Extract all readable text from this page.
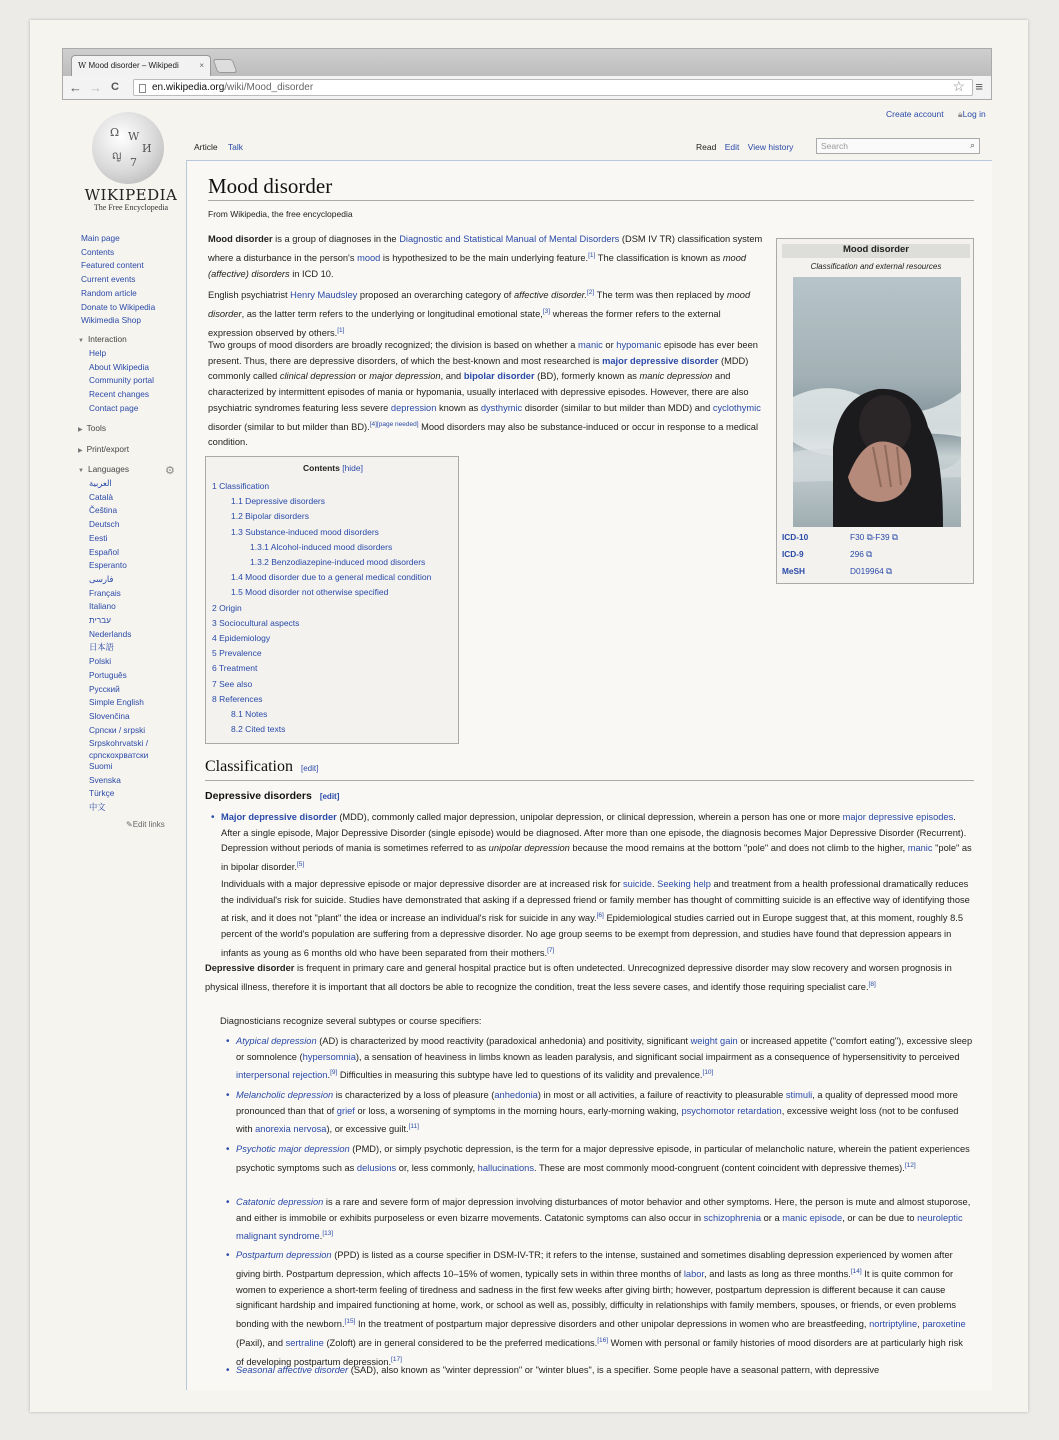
W Mood disorder – Wikipedi	×
← → C	en.wikipedia.org/wiki/Mood_disorder	☆ ≡
Ω W
И
ญ
7
WIKIPEDIA
The Free Encyclopedia
Main page
Contents
Featured content
Current events
Random article
Donate to Wikipedia
Wikimedia Shop
▼ Interaction
Help
About Wikipedia
Community portal
Recent changes
Contact page
▶ Tools
▶ Print/export
▼ Languages	⚙
العربية
Català
Čeština
Deutsch
Eesti
Español
Esperanto
فارسی
Français
Italiano
עברית
Nederlands
日本語
Polski
Português
Русский
Simple English
Slovenčina
Српски / srpski
Srpskohrvatski /
српскохрватски
Suomi
Svenska
Türkçe
中文
✎Edit links
Create account 🔒︎Log in
Article Talk	Read Edit View history	Search	⌕
Mood disorder
From Wikipedia, the free encyclopedia
Mood disorder is a group of diagnoses in the Diagnostic and Statistical Manual of Mental Disorders (DSM IV TR) classification system where a disturbance in the person's mood is hypothesized to be the main underlying feature.[1] The classification is known as mood (affective) disorders in ICD 10.
English psychiatrist Henry Maudsley proposed an overarching category of affective disorder.[2] The term was then replaced by mood disorder, as the latter term refers to the underlying or longitudinal emotional state,[3] whereas the former refers to the external expression observed by others.[1]
Two groups of mood disorders are broadly recognized; the division is based on whether a manic or hypomanic episode has ever been present. Thus, there are depressive disorders, of which the best-known and most researched is major depressive disorder (MDD) commonly called clinical depression or major depression, and bipolar disorder (BD), formerly known as manic depression and characterized by intermittent episodes of mania or hypomania, usually interlaced with depressive episodes. However, there are also psychiatric syndromes featuring less severe depression known as dysthymic disorder (similar to but milder than MDD) and cyclothymic disorder (similar to but milder than BD).[4][page needed] Mood disorders may also be substance-induced or occur in response to a medical condition.
Mood disorder
Classification and external resources
ICD-10	F30 ⧉-F39 ⧉
ICD-9	296 ⧉
MeSH	D019964 ⧉
Contents [hide]
1 Classification
1.1 Depressive disorders
1.2 Bipolar disorders
1.3 Substance-induced mood disorders
1.3.1 Alcohol-induced mood disorders
1.3.2 Benzodiazepine-induced mood disorders
1.4 Mood disorder due to a general medical condition
1.5 Mood disorder not otherwise specified
2 Origin
3 Sociocultural aspects
4 Epidemiology
5 Prevalence
6 Treatment
7 See also
8 References
8.1 Notes
8.2 Cited texts
Classification [edit]
Depressive disorders [edit]
• Major depressive disorder (MDD), commonly called major depression, unipolar depression, or clinical depression, wherein a person has one or more major depressive episodes. After a single episode, Major Depressive Disorder (single episode) would be diagnosed. After more than one episode, the diagnosis becomes Major Depressive Disorder (Recurrent). Depression without periods of mania is sometimes referred to as unipolar depression because the mood remains at the bottom "pole" and does not climb to the higher, manic "pole" as in bipolar disorder.[5]
Individuals with a major depressive episode or major depressive disorder are at increased risk for suicide. Seeking help and treatment from a health professional dramatically reduces the individual's risk for suicide. Studies have demonstrated that asking if a depressed friend or family member has thought of committing suicide is an effective way of identifying those at risk, and it does not "plant" the idea or increase an individual's risk for suicide in any way.[6] Epidemiological studies carried out in Europe suggest that, at this moment, roughly 8.5 percent of the world's population are suffering from a depressive disorder. No age group seems to be exempt from depression, and studies have found that depression appears in infants as young as 6 months old who have been separated from their mothers.[7]
Depressive disorder is frequent in primary care and general hospital practice but is often undetected. Unrecognized depressive disorder may slow recovery and worsen prognosis in physical illness, therefore it is important that all doctors be able to recognize the condition, treat the less severe cases, and identify those requiring specialist care.[8]
Diagnosticians recognize several subtypes or course specifiers:
• Atypical depression (AD) is characterized by mood reactivity (paradoxical anhedonia) and positivity, significant weight gain or increased appetite ("comfort eating"), excessive sleep or somnolence (hypersomnia), a sensation of heaviness in limbs known as leaden paralysis, and significant social impairment as a consequence of hypersensitivity to perceived interpersonal rejection.[9] Difficulties in measuring this subtype have led to questions of its validity and prevalence.[10]
• Melancholic depression is characterized by a loss of pleasure (anhedonia) in most or all activities, a failure of reactivity to pleasurable stimuli, a quality of depressed mood more pronounced than that of grief or loss, a worsening of symptoms in the morning hours, early-morning waking, psychomotor retardation, excessive weight loss (not to be confused with anorexia nervosa), or excessive guilt.[11]
• Psychotic major depression (PMD), or simply psychotic depression, is the term for a major depressive episode, in particular of melancholic nature, wherein the patient experiences psychotic symptoms such as delusions or, less commonly, hallucinations. These are most commonly mood-congruent (content coincident with depressive themes).[12]
• Catatonic depression is a rare and severe form of major depression involving disturbances of motor behavior and other symptoms. Here, the person is mute and almost stuporose, and either is immobile or exhibits purposeless or even bizarre movements. Catatonic symptoms can also occur in schizophrenia or a manic episode, or can be due to neuroleptic malignant syndrome.[13]
• Postpartum depression (PPD) is listed as a course specifier in DSM-IV-TR; it refers to the intense, sustained and sometimes disabling depression experienced by women after giving birth. Postpartum depression, which affects 10–15% of women, typically sets in within three months of labor, and lasts as long as three months.[14] It is quite common for women to experience a short-term feeling of tiredness and sadness in the first few weeks after giving birth; however, postpartum depression is different because it can cause significant hardship and impaired functioning at home, work, or school as well as, possibly, difficulty in relationships with family members, spouses, or friends, or even problems bonding with the newborn.[15] In the treatment of postpartum major depressive disorders and other unipolar depressions in women who are breastfeeding, nortriptyline, paroxetine (Paxil), and sertraline (Zoloft) are in general considered to be the preferred medications.[16] Women with personal or family histories of mood disorders are at particularly high risk of developing postpartum depression.[17]
• Seasonal affective disorder (SAD), also known as "winter depression" or "winter blues", is a specifier. Some people have a seasonal pattern, with depressive
